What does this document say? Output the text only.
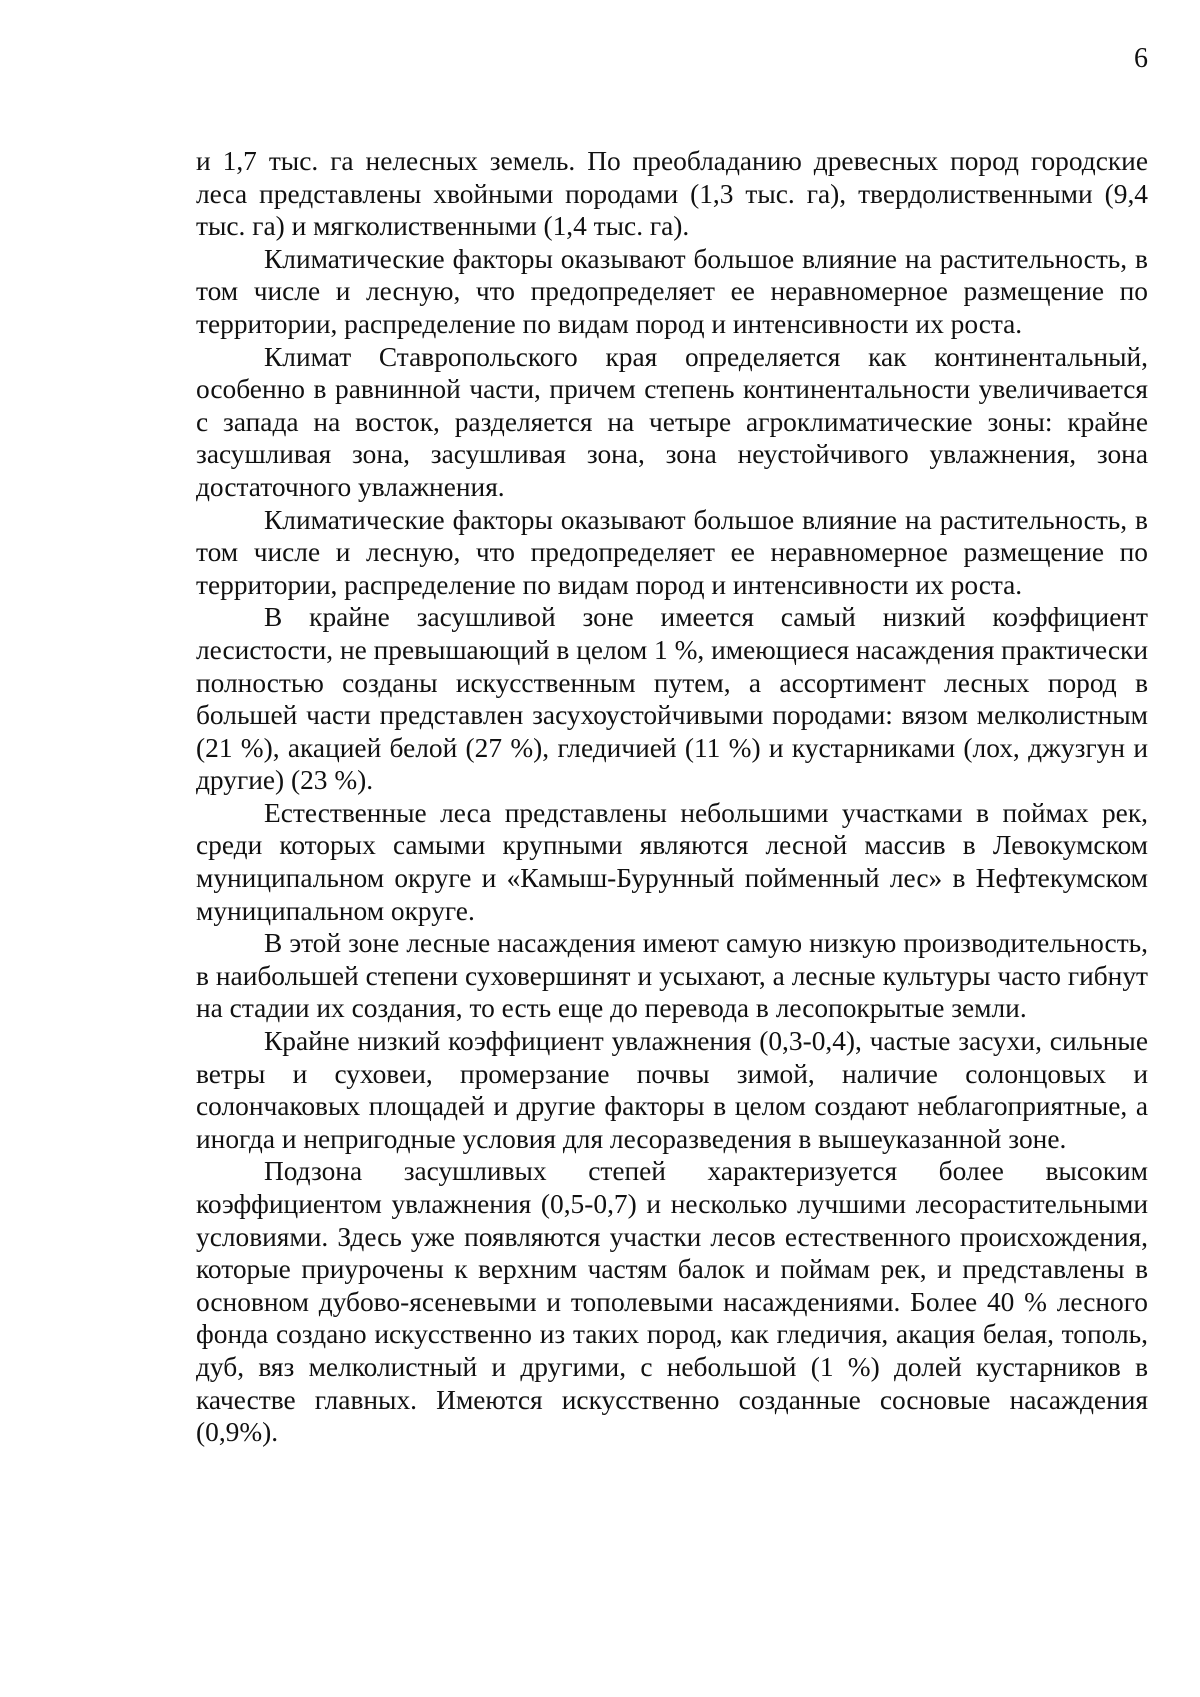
6

и 1,7 тыс. га нелесных земель. По преобладанию древесных пород городские леса представлены хвойными породами (1,3 тыс. га), твердолиственными (9,4 тыс. га) и мягколиственными (1,4 тыс. га).

Климатические факторы оказывают большое влияние на растительность, в том числе и лесную, что предопределяет ее неравномерное размещение по территории, распределение по видам пород и интенсивности их роста.

Климат Ставропольского края определяется как континентальный, особенно в равнинной части, причем степень континентальности увеличивается с запада на восток, разделяется на четыре агроклиматические зоны: крайне засушливая зона, засушливая зона, зона неустойчивого увлажнения, зона достаточного увлажнения.

Климатические факторы оказывают большое влияние на растительность, в том числе и лесную, что предопределяет ее неравномерное размещение по территории, распределение по видам пород и интенсивности их роста.

В крайне засушливой зоне имеется самый низкий коэффициент лесистости, не превышающий в целом 1 %, имеющиеся насаждения практически полностью созданы искусственным путем, а ассортимент лесных пород в большей части представлен засухоустойчивыми породами: вязом мелколистным (21 %), акацией белой (27 %), гледичией (11 %) и кустарниками (лох, джузгун и другие) (23 %).

Естественные леса представлены небольшими участками в поймах рек, среди которых самыми крупными являются лесной массив в Левокумском муниципальном округе и «Камыш-Бурунный пойменный лес» в Нефтекумском муниципальном округе.

В этой зоне лесные насаждения имеют самую низкую производительность, в наибольшей степени суховершинят и усыхают, а лесные культуры часто гибнут на стадии их создания, то есть еще до перевода в лесопокрытые земли.

Крайне низкий коэффициент увлажнения (0,3-0,4), частые засухи, сильные ветры и суховеи, промерзание почвы зимой, наличие солонцовых и солончаковых площадей и другие факторы в целом создают неблагоприятные, а иногда и непригодные условия для лесоразведения в вышеуказанной зоне.

Подзона засушливых степей характеризуется более высоким коэффициентом увлажнения (0,5-0,7) и несколько лучшими лесорастительными условиями. Здесь уже появляются участки лесов естественного происхождения, которые приурочены к верхним частям балок и поймам рек, и представлены в основном дубово-ясеневыми и тополевыми насаждениями. Более 40 % лесного фонда создано искусственно из таких пород, как гледичия, акация белая, тополь, дуб, вяз мелколистный и другими, с небольшой (1 %) долей кустарников в качестве главных. Имеются искусственно созданные сосновые насаждения (0,9%).
